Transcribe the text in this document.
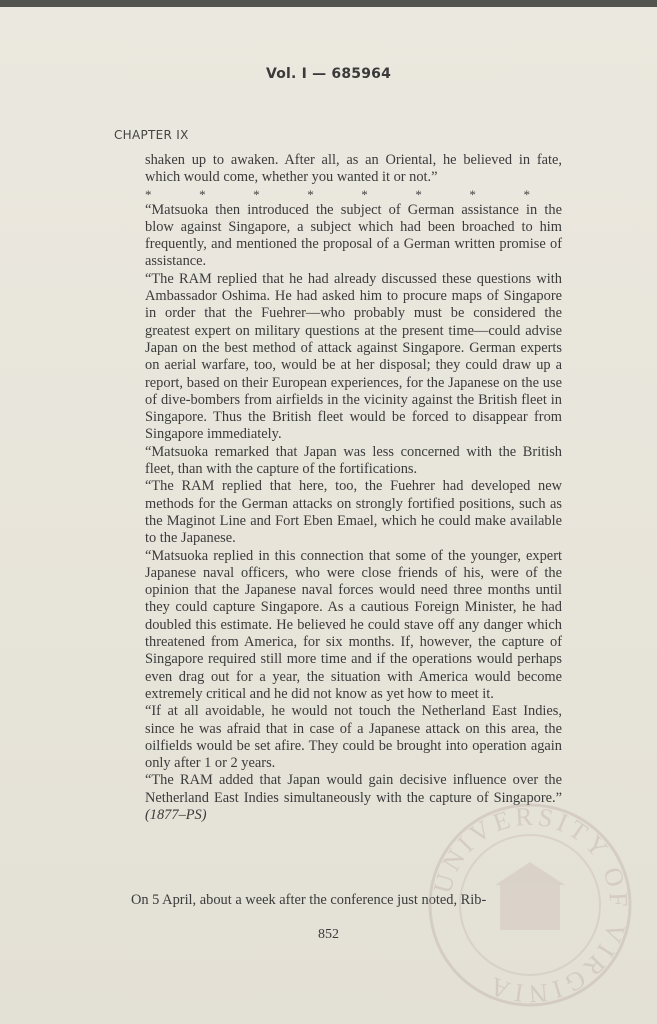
Vol. I — 685964
CHAPTER IX

shaken up to awaken. After all, as an Oriental, he believed in fate, which would come, whether you wanted it or not.”

*	*	*	*	*	*	*	*

“Matsuoka then introduced the subject of German assistance in the blow against Singapore, a subject which had been broached to him frequently, and mentioned the proposal of a German written promise of assistance.

“The RAM replied that he had already discussed these questions with Ambassador Oshima. He had asked him to procure maps of Singapore in order that the Fuehrer—who probably must be considered the greatest expert on military questions at the present time—could advise Japan on the best method of attack against Singapore. German experts on aerial warfare, too, would be at her disposal; they could draw up a report, based on their European experiences, for the Japanese on the use of dive-bombers from airfields in the vicinity against the British fleet in Singapore. Thus the British fleet would be forced to disappear from Singapore immediately.

“Matsuoka remarked that Japan was less concerned with the British fleet, than with the capture of the fortifications.

“The RAM replied that here, too, the Fuehrer had developed new methods for the German attacks on strongly fortified positions, such as the Maginot Line and Fort Eben Emael, which he could make available to the Japanese.

“Matsuoka replied in this connection that some of the younger, expert Japanese naval officers, who were close friends of his, were of the opinion that the Japanese naval forces would need three months until they could capture Singapore. As a cautious Foreign Minister, he had doubled this estimate. He believed he could stave off any danger which threatened from America, for six months. If, however, the capture of Singapore required still more time and if the operations would perhaps even drag out for a year, the situation with America would become extremely critical and he did not know as yet how to meet it.

“If at all avoidable, he would not touch the Netherland East Indies, since he was afraid that in case of a Japanese attack on this area, the oilfields would be set afire. They could be brought into operation again only after 1 or 2 years.

“The RAM added that Japan would gain decisive influence over the Netherland East Indies simultaneously with the capture of Singapore.” (1877–PS)

On 5 April, about a week after the conference just noted, Rib-
852
UNIVERSITY OF VIRGINIA
